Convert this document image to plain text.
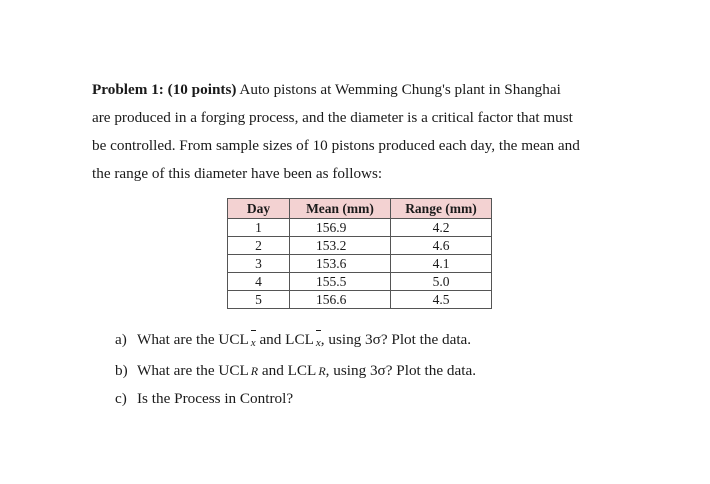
Problem 1: (10 points) Auto pistons at Wemming Chung's plant in Shanghai
are produced in a forging process, and the diameter is a critical factor that must
be controlled. From sample sizes of 10 pistons produced each day, the mean and
the range of this diameter have been as follows:
Day	Mean (mm)	Range (mm)
1	156.9	4.2
2	153.2	4.6
3	153.6	4.1
4	155.5	5.0
5	156.6	4.5
a) What are the UCL x and LCL x, using 3σ? Plot the data.
b) What are the UCL R and LCL R, using 3σ? Plot the data.
c) Is the Process in Control?
